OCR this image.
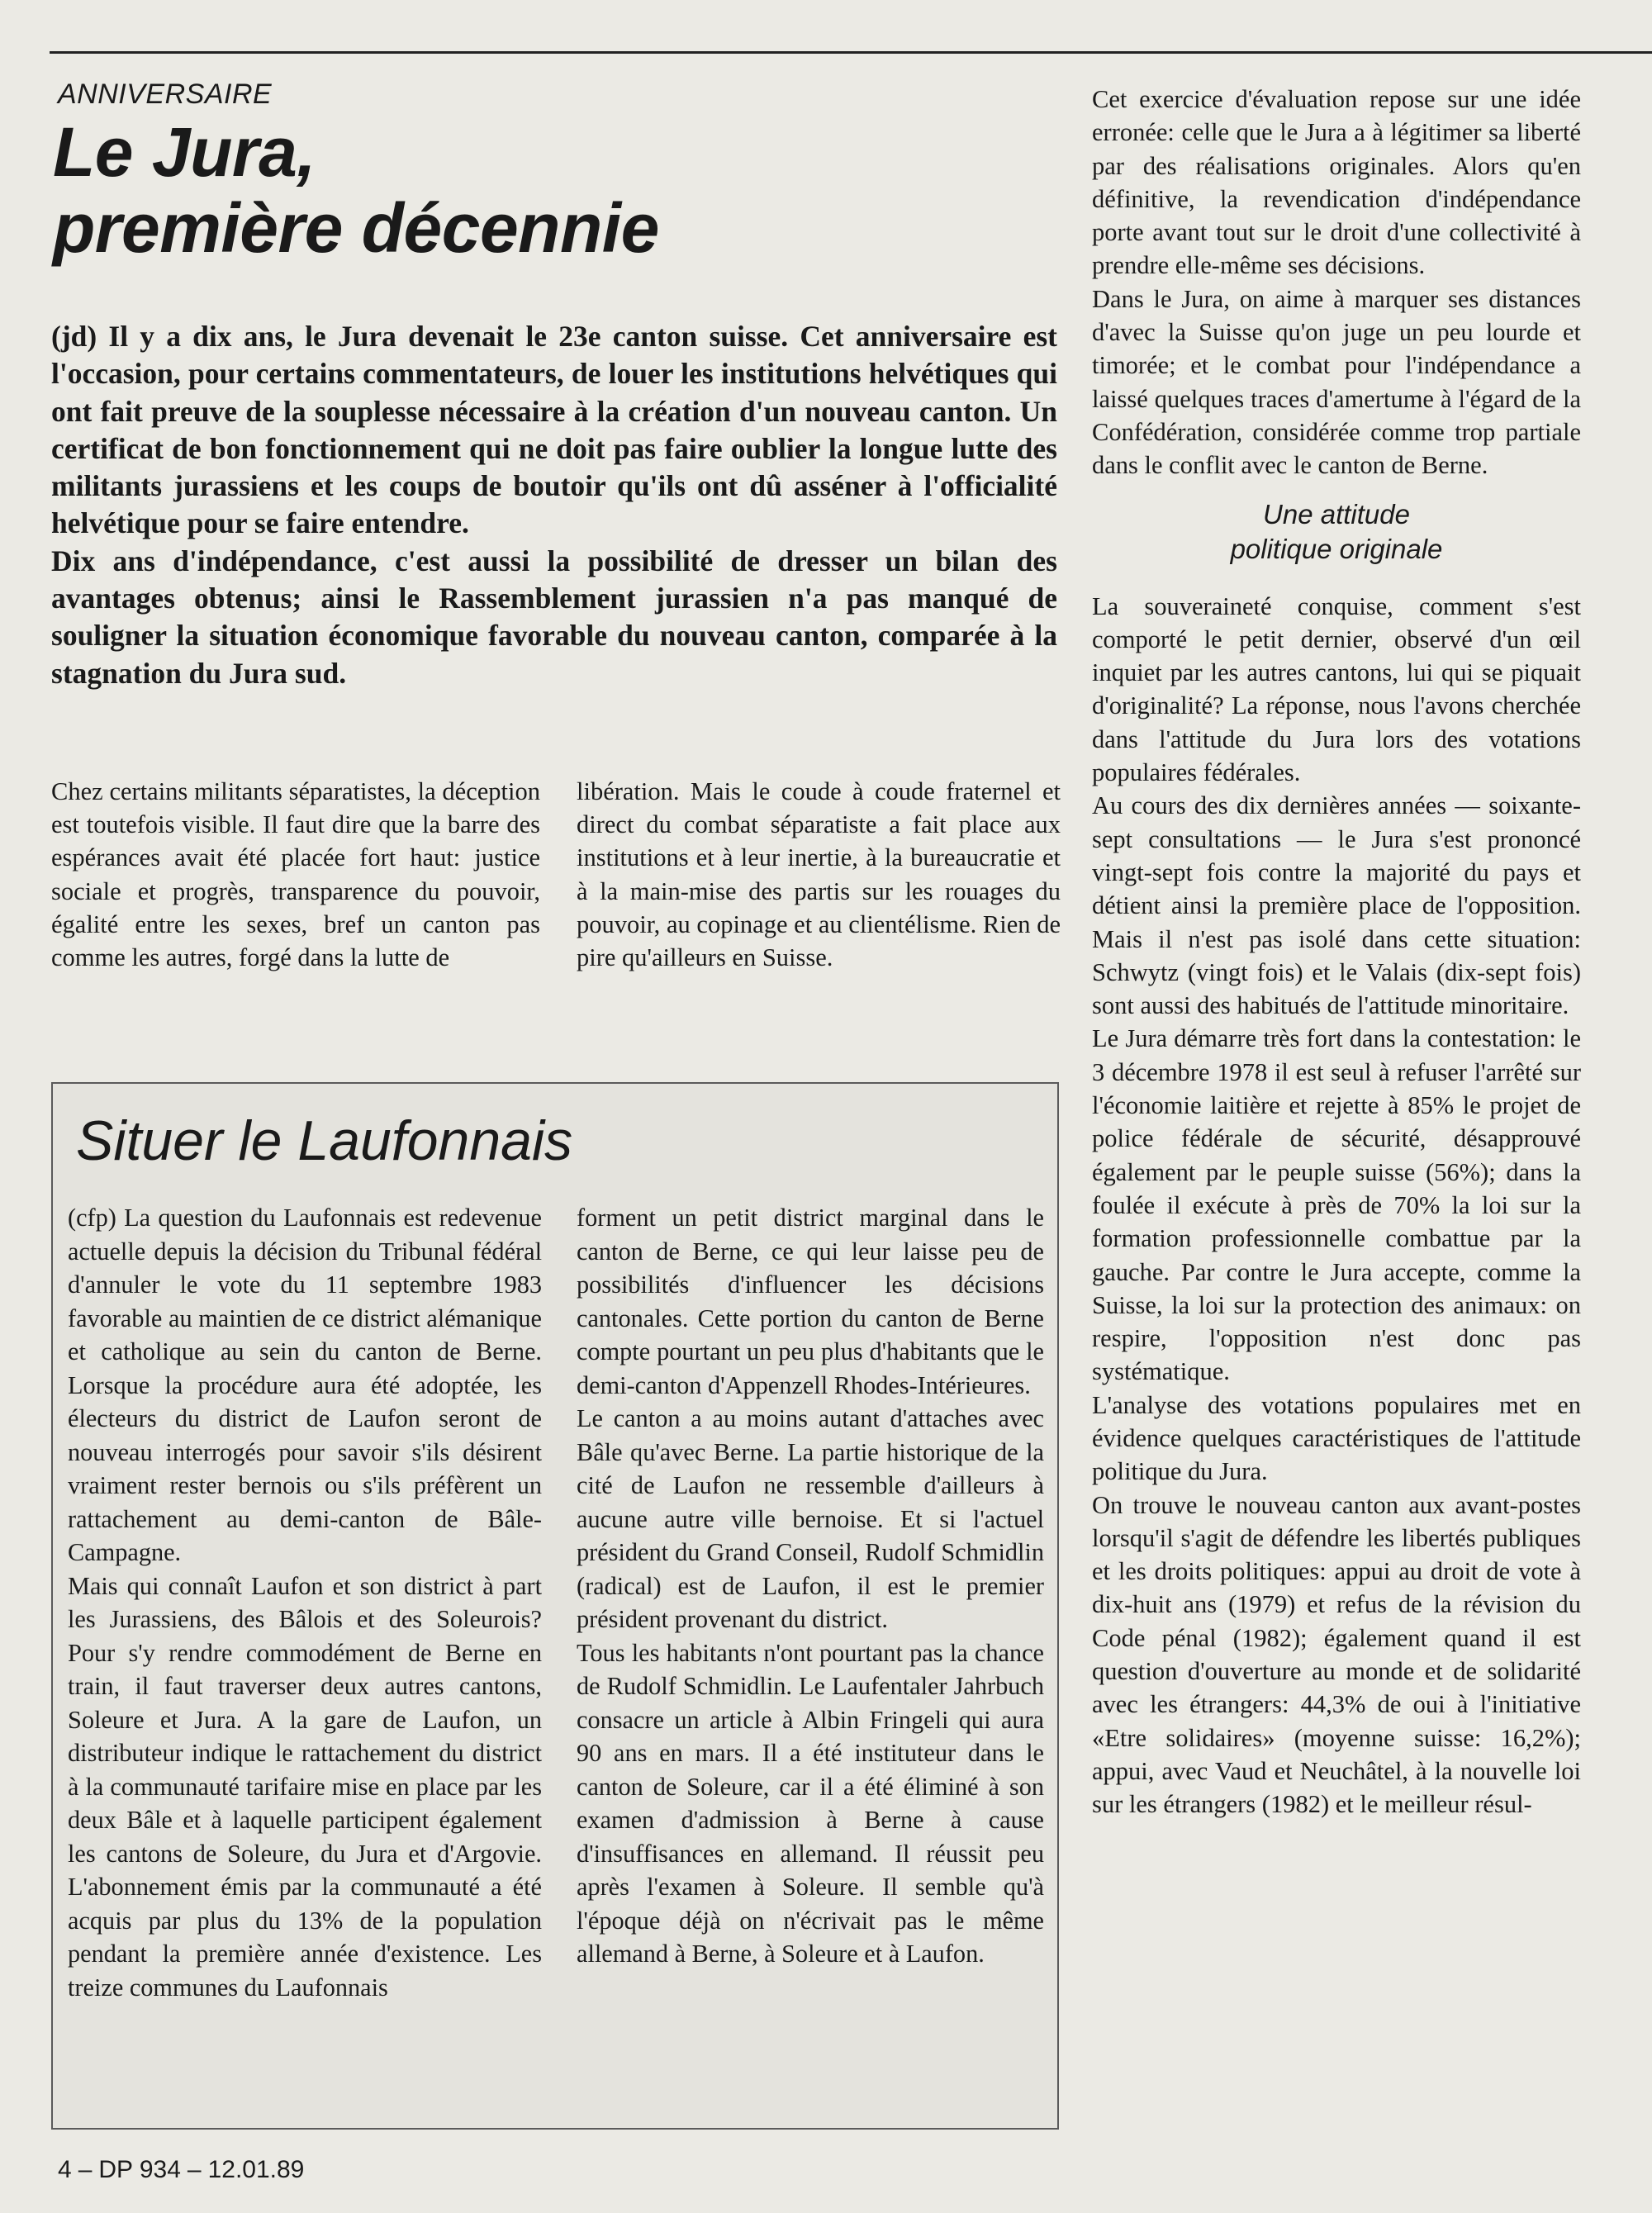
ANNIVERSAIRE
Le Jura,
première décennie

(jd) Il y a dix ans, le Jura devenait le 23e canton suisse. Cet anniversaire est l'occasion, pour certains commentateurs, de louer les institutions helvétiques qui ont fait preuve de la souplesse nécessaire à la création d'un nouveau canton. Un certificat de bon fonctionnement qui ne doit pas faire oublier la longue lutte des militants jurassiens et les coups de boutoir qu'ils ont dû asséner à l'officialité helvétique pour se faire entendre.

Dix ans d'indépendance, c'est aussi la possibilité de dresser un bilan des avantages obtenus; ainsi le Rassemblement jurassien n'a pas manqué de souligner la situation économique favorable du nouveau canton, comparée à la stagnation du Jura sud.

Chez certains militants séparatistes, la déception est toutefois visible. Il faut dire que la barre des espérances avait été placée fort haut: justice sociale et progrès, transparence du pouvoir, égalité entre les sexes, bref un canton pas comme les autres, forgé dans la lutte de

libération. Mais le coude à coude fraternel et direct du combat séparatiste a fait place aux institutions et à leur inertie, à la bureaucratie et à la main-mise des partis sur les rouages du pouvoir, au copinage et au clientélisme. Rien de pire qu'ailleurs en Suisse.

Situer le Laufonnais

(cfp) La question du Laufonnais est redevenue actuelle depuis la décision du Tribunal fédéral d'annuler le vote du 11 septembre 1983 favorable au maintien de ce district alémanique et catholique au sein du canton de Berne. Lorsque la procédure aura été adoptée, les électeurs du district de Laufon seront de nouveau interrogés pour savoir s'ils désirent vraiment rester bernois ou s'ils préfèrent un rattachement au demi-canton de Bâle-Campagne.

Mais qui connaît Laufon et son district à part les Jurassiens, des Bâlois et des Soleurois? Pour s'y rendre commodément de Berne en train, il faut traverser deux autres cantons, Soleure et Jura. A la gare de Laufon, un distributeur indique le rattachement du district à la communauté tarifaire mise en place par les deux Bâle et à laquelle participent également les cantons de Soleure, du Jura et d'Argovie. L'abonnement émis par la communauté a été acquis par plus du 13% de la population pendant la première année d'existence. Les treize communes du Laufonnais

forment un petit district marginal dans le canton de Berne, ce qui leur laisse peu de possibilités d'influencer les décisions cantonales. Cette portion du canton de Berne compte pourtant un peu plus d'habitants que le demi-canton d'Appenzell Rhodes-Intérieures.

Le canton a au moins autant d'attaches avec Bâle qu'avec Berne. La partie historique de la cité de Laufon ne ressemble d'ailleurs à aucune autre ville bernoise. Et si l'actuel président du Grand Conseil, Rudolf Schmidlin (radical) est de Laufon, il est le premier président provenant du district.

Tous les habitants n'ont pourtant pas la chance de Rudolf Schmidlin. Le Laufentaler Jahrbuch consacre un article à Albin Fringeli qui aura 90 ans en mars. Il a été instituteur dans le canton de Soleure, car il a été éliminé à son examen d'admission à Berne à cause d'insuffisances en allemand. Il réussit peu après l'examen à Soleure. Il semble qu'à l'époque déjà on n'écrivait pas le même allemand à Berne, à Soleure et à Laufon.

Cet exercice d'évaluation repose sur une idée erronée: celle que le Jura a à légitimer sa liberté par des réalisations originales. Alors qu'en définitive, la revendication d'indépendance porte avant tout sur le droit d'une collectivité à prendre elle-même ses décisions.

Dans le Jura, on aime à marquer ses distances d'avec la Suisse qu'on juge un peu lourde et timorée; et le combat pour l'indépendance a laissé quelques traces d'amertume à l'égard de la Confédération, considérée comme trop partiale dans le conflit avec le canton de Berne.

Une attitude
politique originale

La souveraineté conquise, comment s'est comporté le petit dernier, observé d'un œil inquiet par les autres cantons, lui qui se piquait d'originalité? La réponse, nous l'avons cherchée dans l'attitude du Jura lors des votations populaires fédérales.

Au cours des dix dernières années — soixante-sept consultations — le Jura s'est prononcé vingt-sept fois contre la majorité du pays et détient ainsi la première place de l'opposition. Mais il n'est pas isolé dans cette situation: Schwytz (vingt fois) et le Valais (dix-sept fois) sont aussi des habitués de l'attitude minoritaire.

Le Jura démarre très fort dans la contestation: le 3 décembre 1978 il est seul à refuser l'arrêté sur l'économie laitière et rejette à 85% le projet de police fédérale de sécurité, désapprouvé également par le peuple suisse (56%); dans la foulée il exécute à près de 70% la loi sur la formation professionnelle combattue par la gauche. Par contre le Jura accepte, comme la Suisse, la loi sur la protection des animaux: on respire, l'opposition n'est donc pas systématique.

L'analyse des votations populaires met en évidence quelques caractéristiques de l'attitude politique du Jura.

On trouve le nouveau canton aux avant-postes lorsqu'il s'agit de défendre les libertés publiques et les droits politiques: appui au droit de vote à dix-huit ans (1979) et refus de la révision du Code pénal (1982); également quand il est question d'ouverture au monde et de solidarité avec les étrangers: 44,3% de oui à l'initiative «Etre solidaires» (moyenne suisse: 16,2%); appui, avec Vaud et Neuchâtel, à la nouvelle loi sur les étrangers (1982) et le meilleur résul-

4 – DP 934 – 12.01.89
